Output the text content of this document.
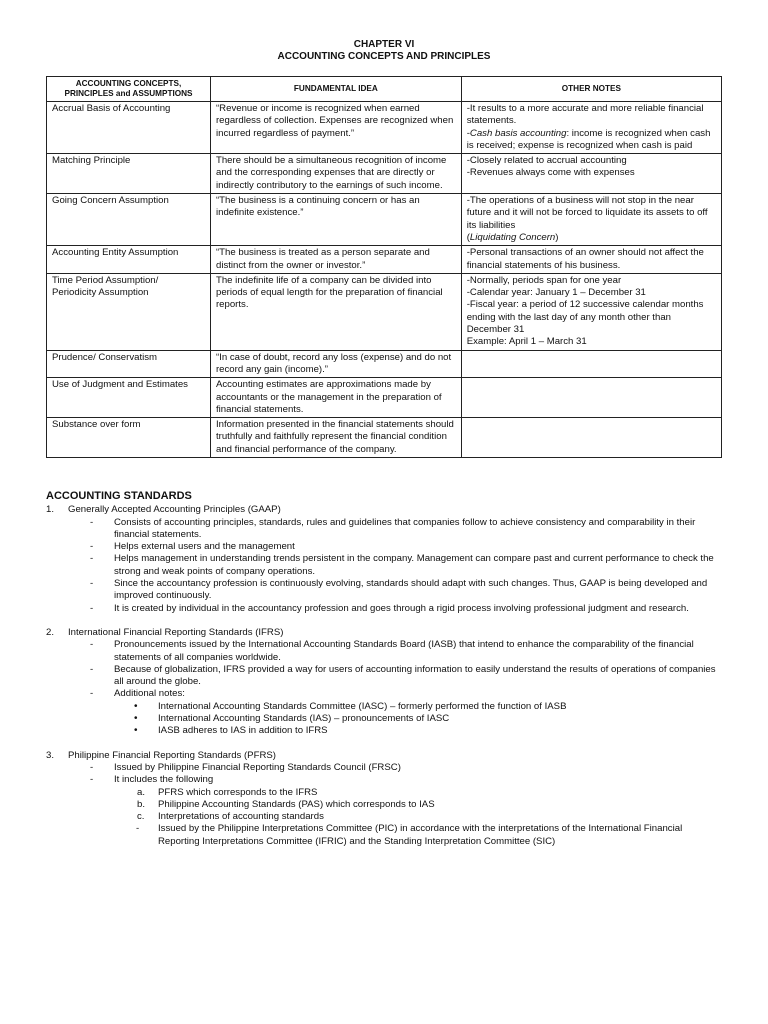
CHAPTER VI
ACCOUNTING CONCEPTS AND PRINCIPLES
ACCOUNTING CONCEPTS, PRINCIPLES and ASSUMPTIONS	FUNDAMENTAL IDEA	OTHER NOTES
Accrual Basis of Accounting	“Revenue or income is recognized when earned regardless of collection. Expenses are recognized when incurred regardless of payment.”	-It results to a more accurate and more reliable financial statements.
-Cash basis accounting: income is recognized when cash is received; expense is recognized when cash is paid

Matching Principle	There should be a simultaneous recognition of income and the corresponding expenses that are directly or indirectly contributory to the earnings of such income.	-Closely related to accrual accounting
-Revenues always come with expenses

Going Concern Assumption	“The business is a continuing concern or has an indefinite existence.”	-The operations of a business will not stop in the near future and it will not be forced to liquidate its assets to off its liabilities
(Liquidating Concern)

Accounting Entity Assumption	“The business is treated as a person separate and distinct from the owner or investor.”	-Personal transactions of an owner should not affect the financial statements of his business.

Time Period Assumption/ Periodicity Assumption	The indefinite life of a company can be divided into periods of equal length for the preparation of financial reports.	-Normally, periods span for one year
-Calendar year: January 1 – December 31
-Fiscal year: a period of 12 successive calendar months ending with the last day of any month other than December 31
Example: April 1 – March 31

Prudence/ Conservatism	“In case of doubt, record any loss (expense) and do not record any gain (income).”	
Use of Judgment and Estimates	Accounting estimates are approximations made by accountants or the management in the preparation of financial statements.	
Substance over form	Information presented in the financial statements should truthfully and faithfully represent the financial condition and financial performance of the company.	
ACCOUNTING STANDARDS
1. Generally Accepted Accounting Principles (GAAP)
- Consists of accounting principles, standards, rules and guidelines that companies follow to achieve consistency and comparability in their financial statements.
- Helps external users and the management
- Helps management in understanding trends persistent in the company. Management can compare past and current performance to check the strong and weak points of company operations.
- Since the accountancy profession is continuously evolving, standards should adapt with such changes. Thus, GAAP is being developed and improved continuously.
- It is created by individual in the accountancy profession and goes through a rigid process involving professional judgment and research.
2. International Financial Reporting Standards (IFRS)
- Pronouncements issued by the International Accounting Standards Board (IASB) that intend to enhance the comparability of the financial statements of all companies worldwide.
- Because of globalization, IFRS provided a way for users of accounting information to easily understand the results of operations of companies all around the globe.
- Additional notes:
• International Accounting Standards Committee (IASC) – formerly performed the function of IASB
• International Accounting Standards (IAS) – pronouncements of IASC
• IASB adheres to IAS in addition to IFRS
3. Philippine Financial Reporting Standards (PFRS)
- Issued by Philippine Financial Reporting Standards Council (FRSC)
- It includes the following
a. PFRS which corresponds to the IFRS
b. Philippine Accounting Standards (PAS) which corresponds to IAS
c. Interpretations of accounting standards
- Issued by the Philippine Interpretations Committee (PIC) in accordance with the interpretations of the International Financial Reporting Interpretations Committee (IFRIC) and the Standing Interpretation Committee (SIC)
